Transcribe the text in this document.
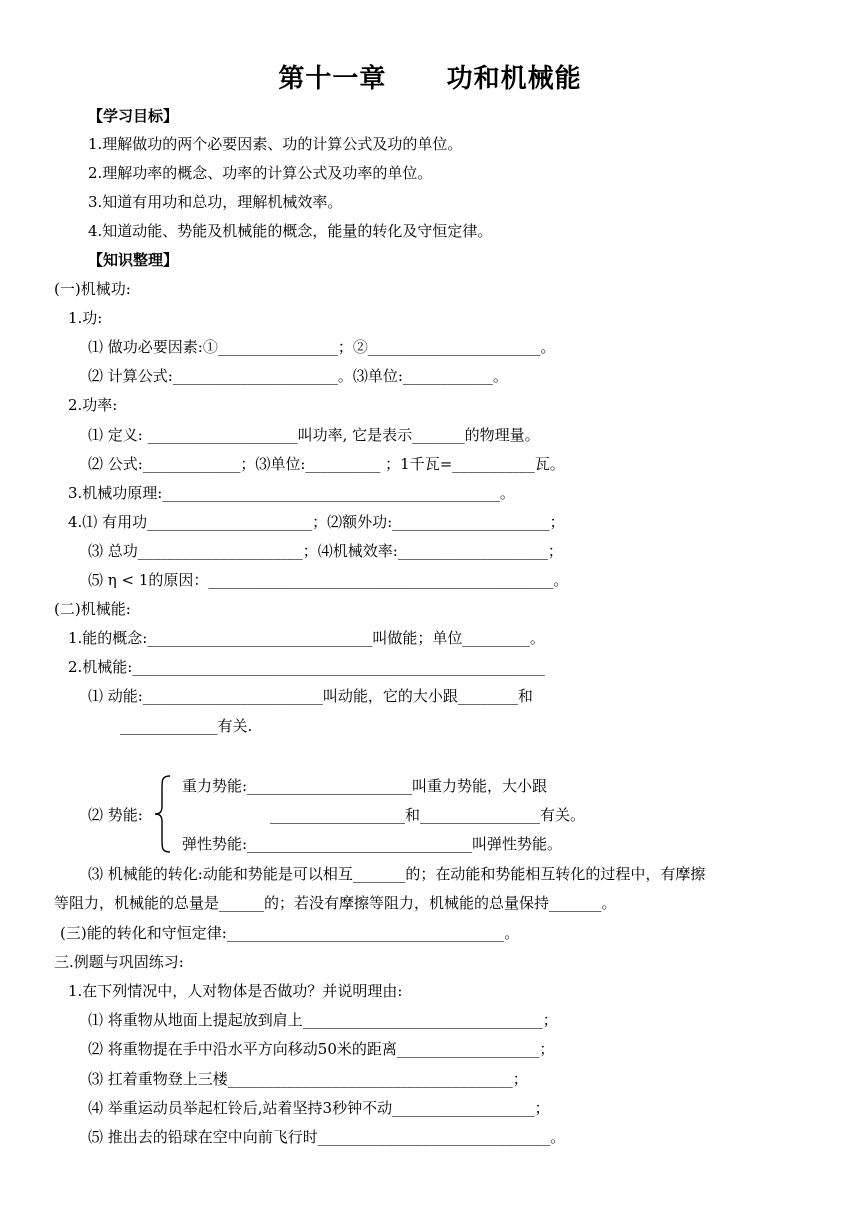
第十一章      功和机械能
【学习目标】
1.理解做功的两个必要因素、功的计算公式及功的单位。
2.理解功率的概念、功率的计算公式及功率的单位。
3.知道有用功和总功，理解机械效率。
4.知道动能、势能及机械能的概念，能量的转化及守恒定律。
【知识整理】
(一)机械功:
1.功:
⑴ 做功必要因素:①________________；②_______________________。
⑵ 计算公式:______________________。⑶单位:____________。
2.功率:
⑴ 定义: ____________________叫功率, 它是表示_______的物理量。
⑵ 公式:_____________；⑶单位:__________ ；1千瓦=___________瓦。
3.机械功原理:_____________________________________________。
4.⑴ 有用功______________________；⑵额外功:_____________________；
⑶ 总功______________________；⑷机械效率:____________________；
⑸ η < 1的原因：______________________________________________。
(二)机械能:
1.能的概念:______________________________叫做能；单位_________。
2.机械能:_______________________________________________________
⑴ 动能:________________________叫动能，它的大小跟________和
_____________有关.
⑵ 势能:
重力势能:______________________叫重力势能，大小跟
__________________和________________有关。
弹性势能:______________________________叫弹性势能。
⑶ 机械能的转化:动能和势能是可以相互_______的；在动能和势能相互转化的过程中，有摩擦
等阻力，机械能的总量是______的；若没有摩擦等阻力，机械能的总量保持_______。
(三)能的转化和守恒定律:_____________________________________。
三.例题与巩固练习:
1.在下列情况中，人对物体是否做功？并说明理由:
⑴ 将重物从地面上提起放到肩上________________________________；
⑵ 将重物提在手中沿水平方向移动50米的距离___________________；
⑶ 扛着重物登上三楼______________________________________；
⑷ 举重运动员举起杠铃后,站着坚持3秒钟不动___________________；
⑸ 推出去的铅球在空中向前飞行时_______________________________。
